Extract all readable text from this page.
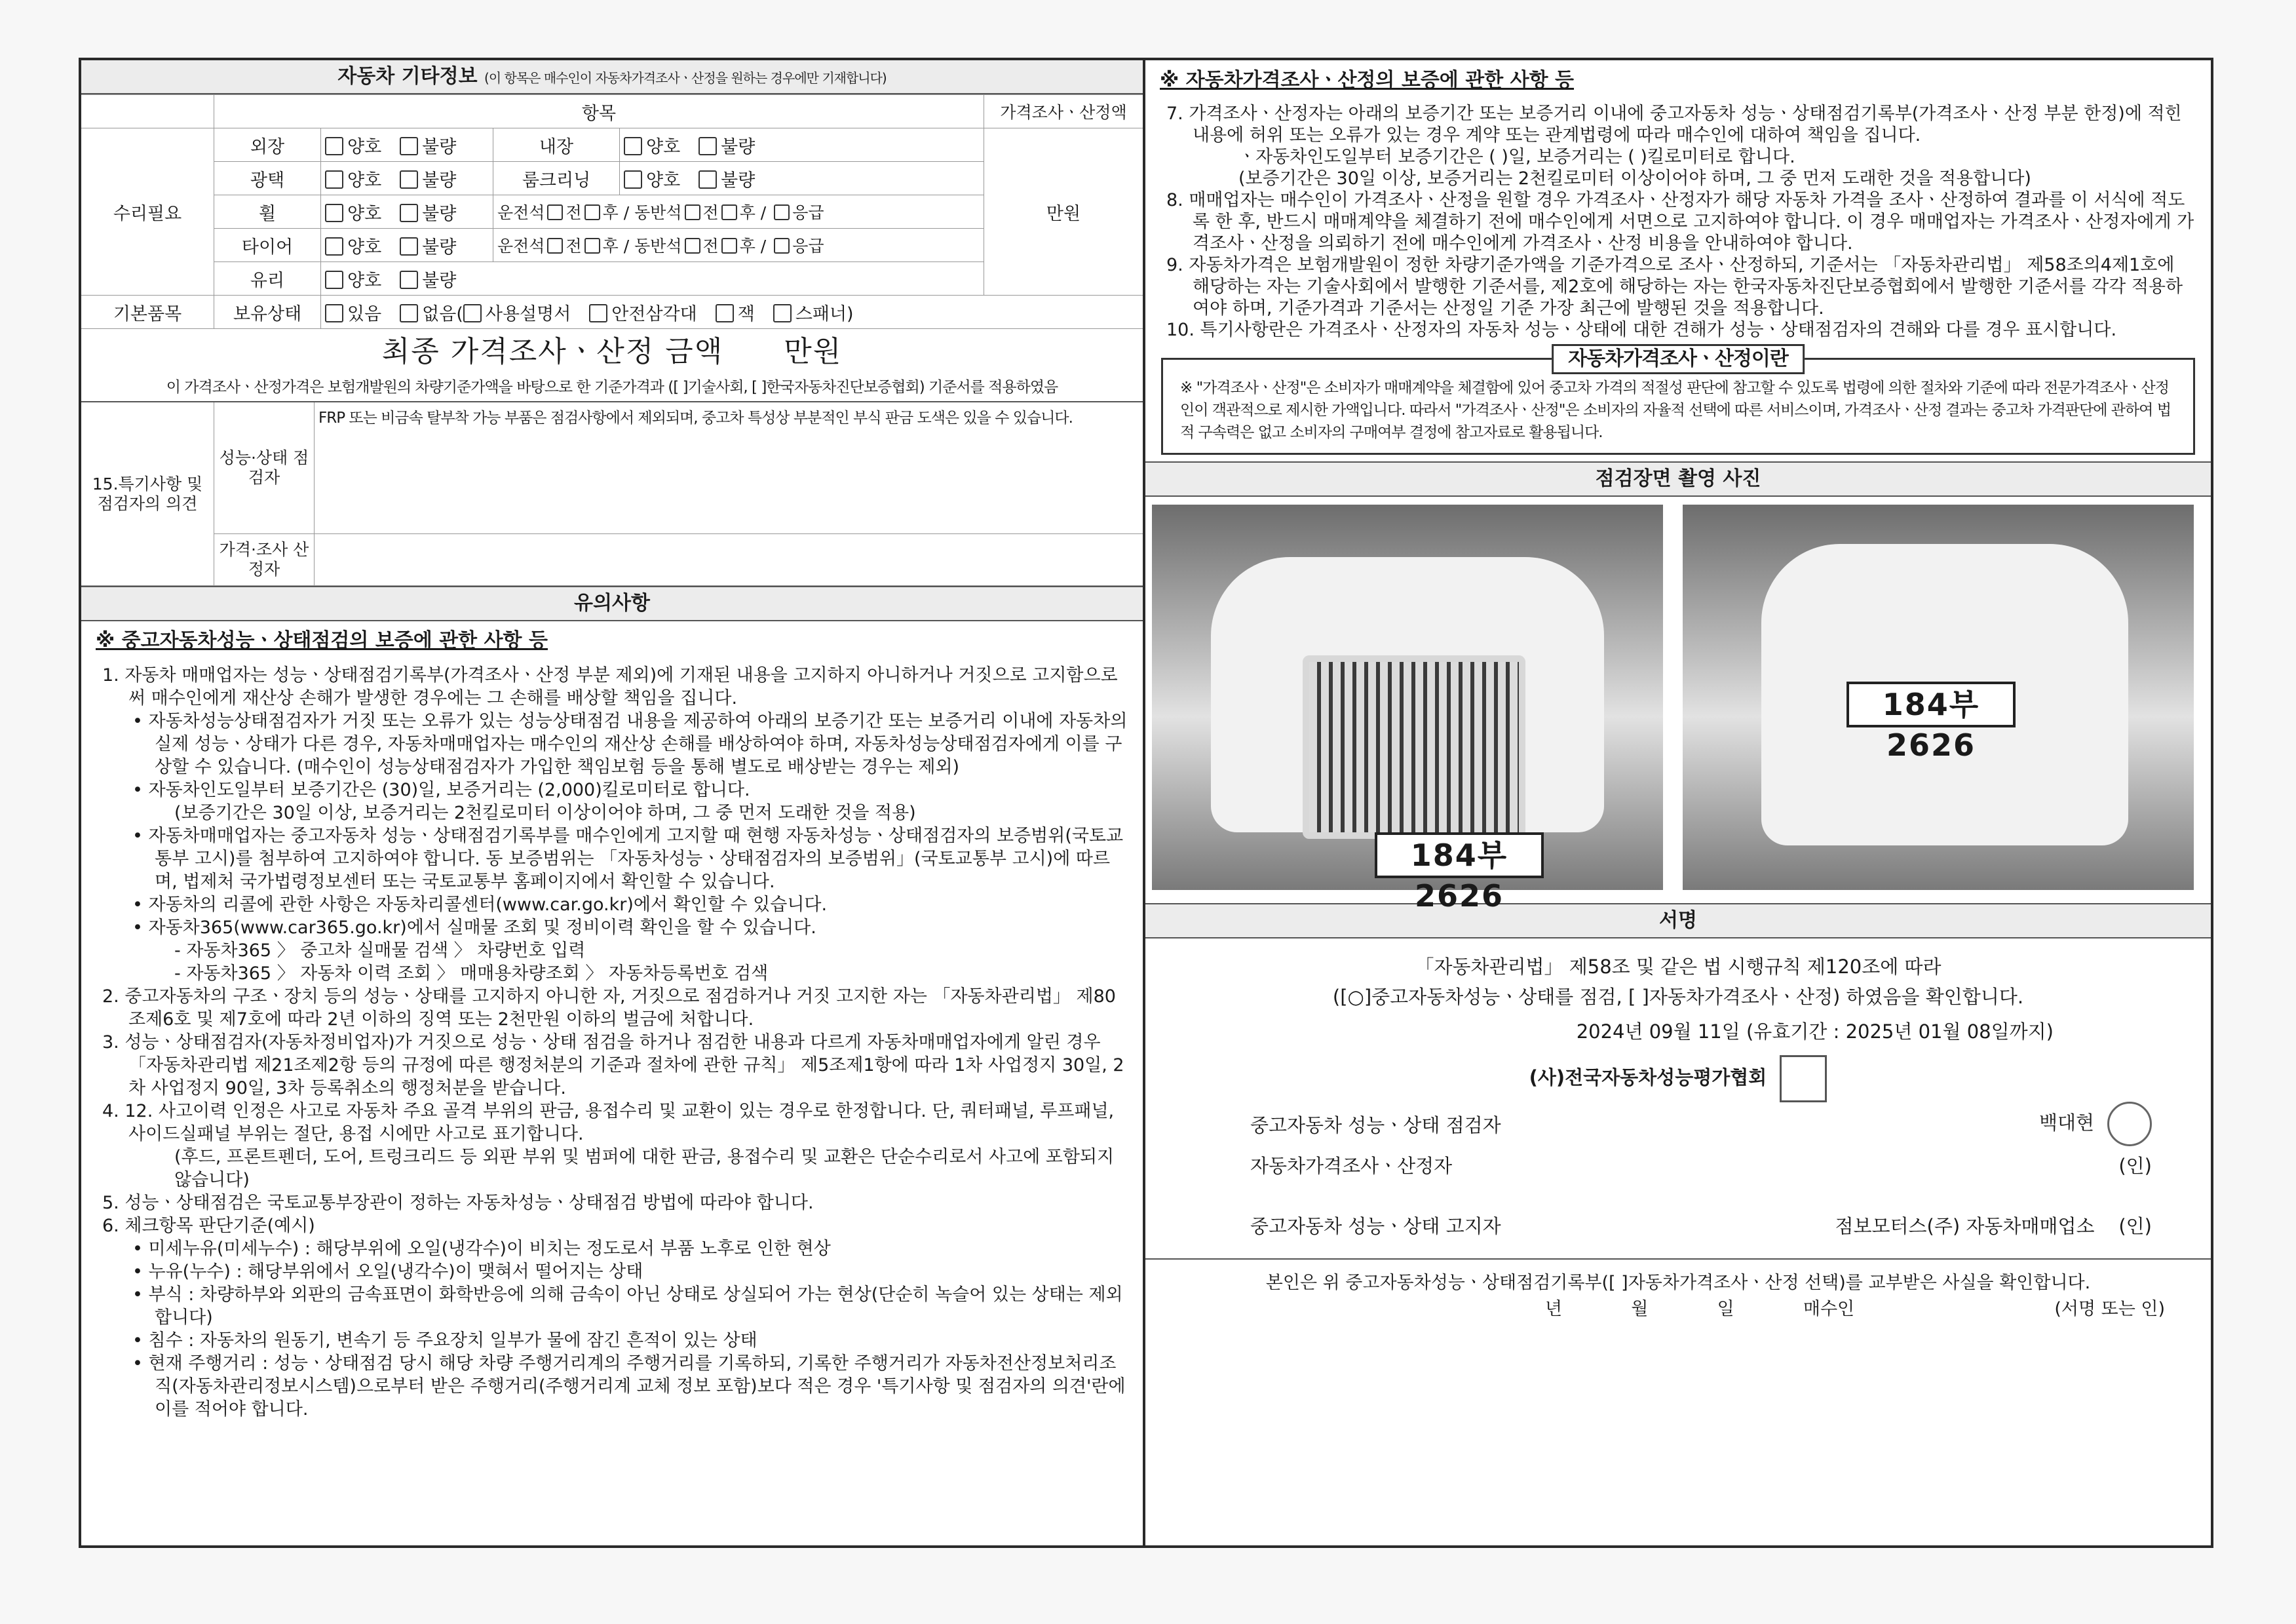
자동차 기타정보 (이 항목은 매수인이 자동차가격조사ㆍ산정을 원하는 경우에만 기재합니다)
	항목				가격조사ㆍ산정액
수리필요	외장	양호 불량	내장	양호 불량	만원
	광택	양호 불량	룸크리닝	양호 불량	
	휠	양호 불량	운전석 전 후 / 동반석 전 후 / 응급		
	타이어	양호 불량	운전석 전 후 / 동반석 전 후 / 응급		
	유리	양호 불량			
기본품목	보유상태	있음 없음( 사용설명서 안전삼각대 잭 스패너)			
최종 가격조사ㆍ산정 금액 만원
이 가격조사ㆍ산정가격은 보험개발원의 차량기준가액을 바탕으로 한 기준가격과 ([ ]기술사회, [ ]한국자동차진단보증협회) 기준서를 적용하였음
15.특기사항 및 점검자의 의견	성능·상태 점검자	FRP 또는 비금속 탈부착 가능 부품은 점검사항에서 제외되며, 중고차 특성상 부분적인 부식 판금 도색은 있을 수 있습니다.
	가격·조사 산정자	
유의사항

※ 중고자동차성능ㆍ상태점검의 보증에 관한 사항 등

1. 자동차 매매업자는 성능ㆍ상태점검기록부(가격조사ㆍ산정 부분 제외)에 기재된 내용을 고지하지 아니하거나 거짓으로 고지함으로써 매수인에게 재산상 손해가 발생한 경우에는 그 손해를 배상할 책임을 집니다.

• 자동차성능상태점검자가 거짓 또는 오류가 있는 성능상태점검 내용을 제공하여 아래의 보증기간 또는 보증거리 이내에 자동차의 실제 성능ㆍ상태가 다른 경우, 자동차매매업자는 매수인의 재산상 손해를 배상하여야 하며, 자동차성능상태점검자에게 이를 구상할 수 있습니다. (매수인이 성능상태점검자가 가입한 책임보험 등을 통해 별도로 배상받는 경우는 제외)

• 자동차인도일부터 보증기간은 (30)일, 보증거리는 (2,000)킬로미터로 합니다.

(보증기간은 30일 이상, 보증거리는 2천킬로미터 이상이어야 하며, 그 중 먼저 도래한 것을 적용)

• 자동차매매업자는 중고자동차 성능ㆍ상태점검기록부를 매수인에게 고지할 때 현행 자동차성능ㆍ상태점검자의 보증범위(국토교통부 고시)를 첨부하여 고지하여야 합니다. 동 보증범위는 「자동차성능ㆍ상태점검자의 보증범위」(국토교통부 고시)에 따르며, 법제처 국가법령정보센터 또는 국토교통부 홈페이지에서 확인할 수 있습니다.

• 자동차의 리콜에 관한 사항은 자동차리콜센터(www.car.go.kr)에서 확인할 수 있습니다.

• 자동차365(www.car365.go.kr)에서 실매물 조회 및 정비이력 확인을 할 수 있습니다.

- 자동차365 〉 중고차 실매물 검색 〉 차량번호 입력

- 자동차365 〉 자동차 이력 조회 〉 매매용차량조회 〉 자동차등록번호 검색

2. 중고자동차의 구조ㆍ장치 등의 성능ㆍ상태를 고지하지 아니한 자, 거짓으로 점검하거나 거짓 고지한 자는 「자동차관리법」 제80조제6호 및 제7호에 따라 2년 이하의 징역 또는 2천만원 이하의 벌금에 처합니다.

3. 성능ㆍ상태점검자(자동차정비업자)가 거짓으로 성능ㆍ상태 점검을 하거나 점검한 내용과 다르게 자동차매매업자에게 알린 경우 「자동차관리법 제21조제2항 등의 규정에 따른 행정처분의 기준과 절차에 관한 규칙」 제5조제1항에 따라 1차 사업정지 30일, 2차 사업정지 90일, 3차 등록취소의 행정처분을 받습니다.

4. 12. 사고이력 인정은 사고로 자동차 주요 골격 부위의 판금, 용접수리 및 교환이 있는 경우로 한정합니다. 단, 쿼터패널, 루프패널, 사이드실패널 부위는 절단, 용접 시에만 사고로 표기합니다.

(후드, 프론트펜더, 도어, 트렁크리드 등 외판 부위 및 범퍼에 대한 판금, 용접수리 및 교환은 단순수리로서 사고에 포함되지 않습니다)

5. 성능ㆍ상태점검은 국토교통부장관이 정하는 자동차성능ㆍ상태점검 방법에 따라야 합니다.

6. 체크항목 판단기준(예시)

• 미세누유(미세누수) : 해당부위에 오일(냉각수)이 비치는 정도로서 부품 노후로 인한 현상

• 누유(누수) : 해당부위에서 오일(냉각수)이 맺혀서 떨어지는 상태

• 부식 : 차량하부와 외판의 금속표면이 화학반응에 의해 금속이 아닌 상태로 상실되어 가는 현상(단순히 녹슬어 있는 상태는 제외합니다)

• 침수 : 자동차의 원동기, 변속기 등 주요장치 일부가 물에 잠긴 흔적이 있는 상태

• 현재 주행거리 : 성능ㆍ상태점검 당시 해당 차량 주행거리계의 주행거리를 기록하되, 기록한 주행거리가 자동차전산정보처리조직(자동차관리정보시스템)으로부터 받은 주행거리(주행거리계 교체 정보 포함)보다 적은 경우 '특기사항 및 점검자의 의견'란에 이를 적어야 합니다.

※ 자동차가격조사ㆍ산정의 보증에 관한 사항 등

7. 가격조사ㆍ산정자는 아래의 보증기간 또는 보증거리 이내에 중고자동차 성능ㆍ상태점검기록부(가격조사ㆍ산정 부분 한정)에 적힌 내용에 허위 또는 오류가 있는 경우 계약 또는 관계법령에 따라 매수인에 대하여 책임을 집니다.

ㆍ자동차인도일부터 보증기간은 ( )일, 보증거리는 ( )킬로미터로 합니다.

(보증기간은 30일 이상, 보증거리는 2천킬로미터 이상이어야 하며, 그 중 먼저 도래한 것을 적용합니다)

8. 매매업자는 매수인이 가격조사ㆍ산정을 원할 경우 가격조사ㆍ산정자가 해당 자동차 가격을 조사ㆍ산정하여 결과를 이 서식에 적도록 한 후, 반드시 매매계약을 체결하기 전에 매수인에게 서면으로 고지하여야 합니다. 이 경우 매매업자는 가격조사ㆍ산정자에게 가격조사ㆍ산정을 의뢰하기 전에 매수인에게 가격조사ㆍ산정 비용을 안내하여야 합니다.

9. 자동차가격은 보험개발원이 정한 차량기준가액을 기준가격으로 조사ㆍ산정하되, 기준서는 「자동차관리법」 제58조의4제1호에 해당하는 자는 기술사회에서 발행한 기준서를, 제2호에 해당하는 자는 한국자동차진단보증협회에서 발행한 기준서를 각각 적용하여야 하며, 기준가격과 기준서는 산정일 기준 가장 최근에 발행된 것을 적용합니다.

10. 특기사항란은 가격조사ㆍ산정자의 자동차 성능ㆍ상태에 대한 견해가 성능ㆍ상태점검자의 견해와 다를 경우 표시합니다.

자동차가격조사ㆍ산정이란
※ "가격조사ㆍ산정"은 소비자가 매매계약을 체결함에 있어 중고차 가격의 적절성 판단에 참고할 수 있도록 법령에 의한 절차와 기준에 따라 전문가격조사ㆍ산정인이 객관적으로 제시한 가액입니다. 따라서 "가격조사ㆍ산정"은 소비자의 자율적 선택에 따른 서비스이며, 가격조사ㆍ산정 결과는 중고차 가격판단에 관하여 법적 구속력은 없고 소비자의 구매여부 결정에 참고자료로 활용됩니다.
점검장면 촬영 사진
184부 2626
184부 2626
서명

「자동차관리법」 제58조 및 같은 법 시행규칙 제120조에 따라

([○]중고자동차성능ㆍ상태를 점검, [ ]자동차가격조사ㆍ산정) 하였음을 확인합니다.

2024년 09월 11일 (유효기간 : 2025년 01월 08일까지)

(사)전국자동차성능평가협회

중고자동차 성능ㆍ상태 점검자	백대현
자동차가격조사ㆍ산정자	(인)
중고자동차 성능ㆍ상태 고지자	점보모터스(주) 자동차매매업소 (인)

본인은 위 중고자동차성능ㆍ상태점검기록부([ ]자동차가격조사ㆍ산정 선택)를 교부받은 사실을 확인합니다.

년	월	일	매수인	(서명 또는 인)
